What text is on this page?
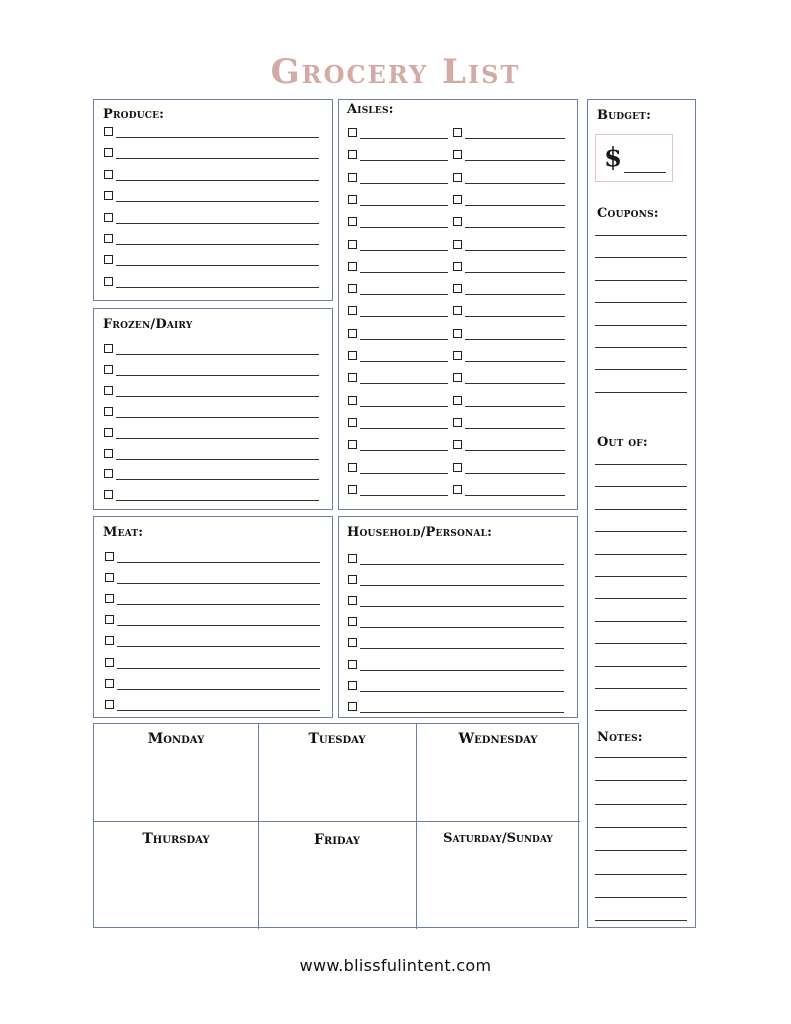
Grocery List
Produce:
Frozen/Dairy
Aisles:
Meat:	Household/Personal:
Budget:
$
Coupons:
Out of:
Notes:
Monday	Tuesday	Wednesday
Thursday	Friday	Saturday/Sunday
www.blissfulintent.com
